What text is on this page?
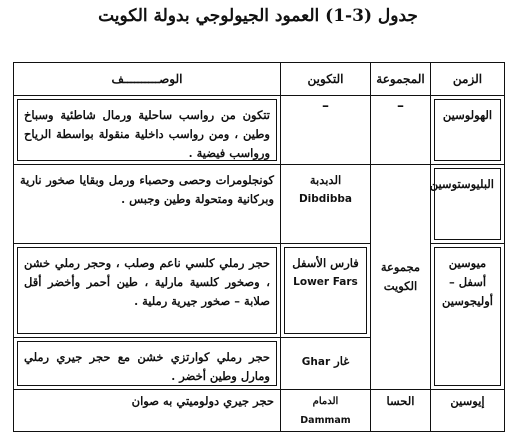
جدول (3-1) العمود الجيولوجي بدولة الكويت
الزمن	المجموعة	التكوين	الوصــــــــــف

الهولوسين	–	–	تتكون من رواسب ساحلية ورمال شاطئية وسباخ وطين ، ومن رواسب داخلية منقولة بواسطة الرياح ورواسب فيضية .

البليوستوسين	مجموعة الكويت	الدبدبة
Dibdibba	كونجلومرات وحصى وحصباء ورمل وبقايا صخور نارية وبركانية ومتحولة وطين وجبس .

ميوسين أسفل – أوليجوسين		فارس الأسفل
Lower Fars	حجر رملي كلسي ناعم وصلب ، وحجر رملي خشن ، وصخور كلسية مارلية ، طين أحمر وأخضر أقل صلابة – صخور جيرية رملية .

		غار Ghar	حجر رملي كوارتزي خشن مع حجر جيري رملي ومارل وطين أخضر .

إيوسين	الحسا	الدمام Dammam	حجر جيري دولوميتي به صوان
